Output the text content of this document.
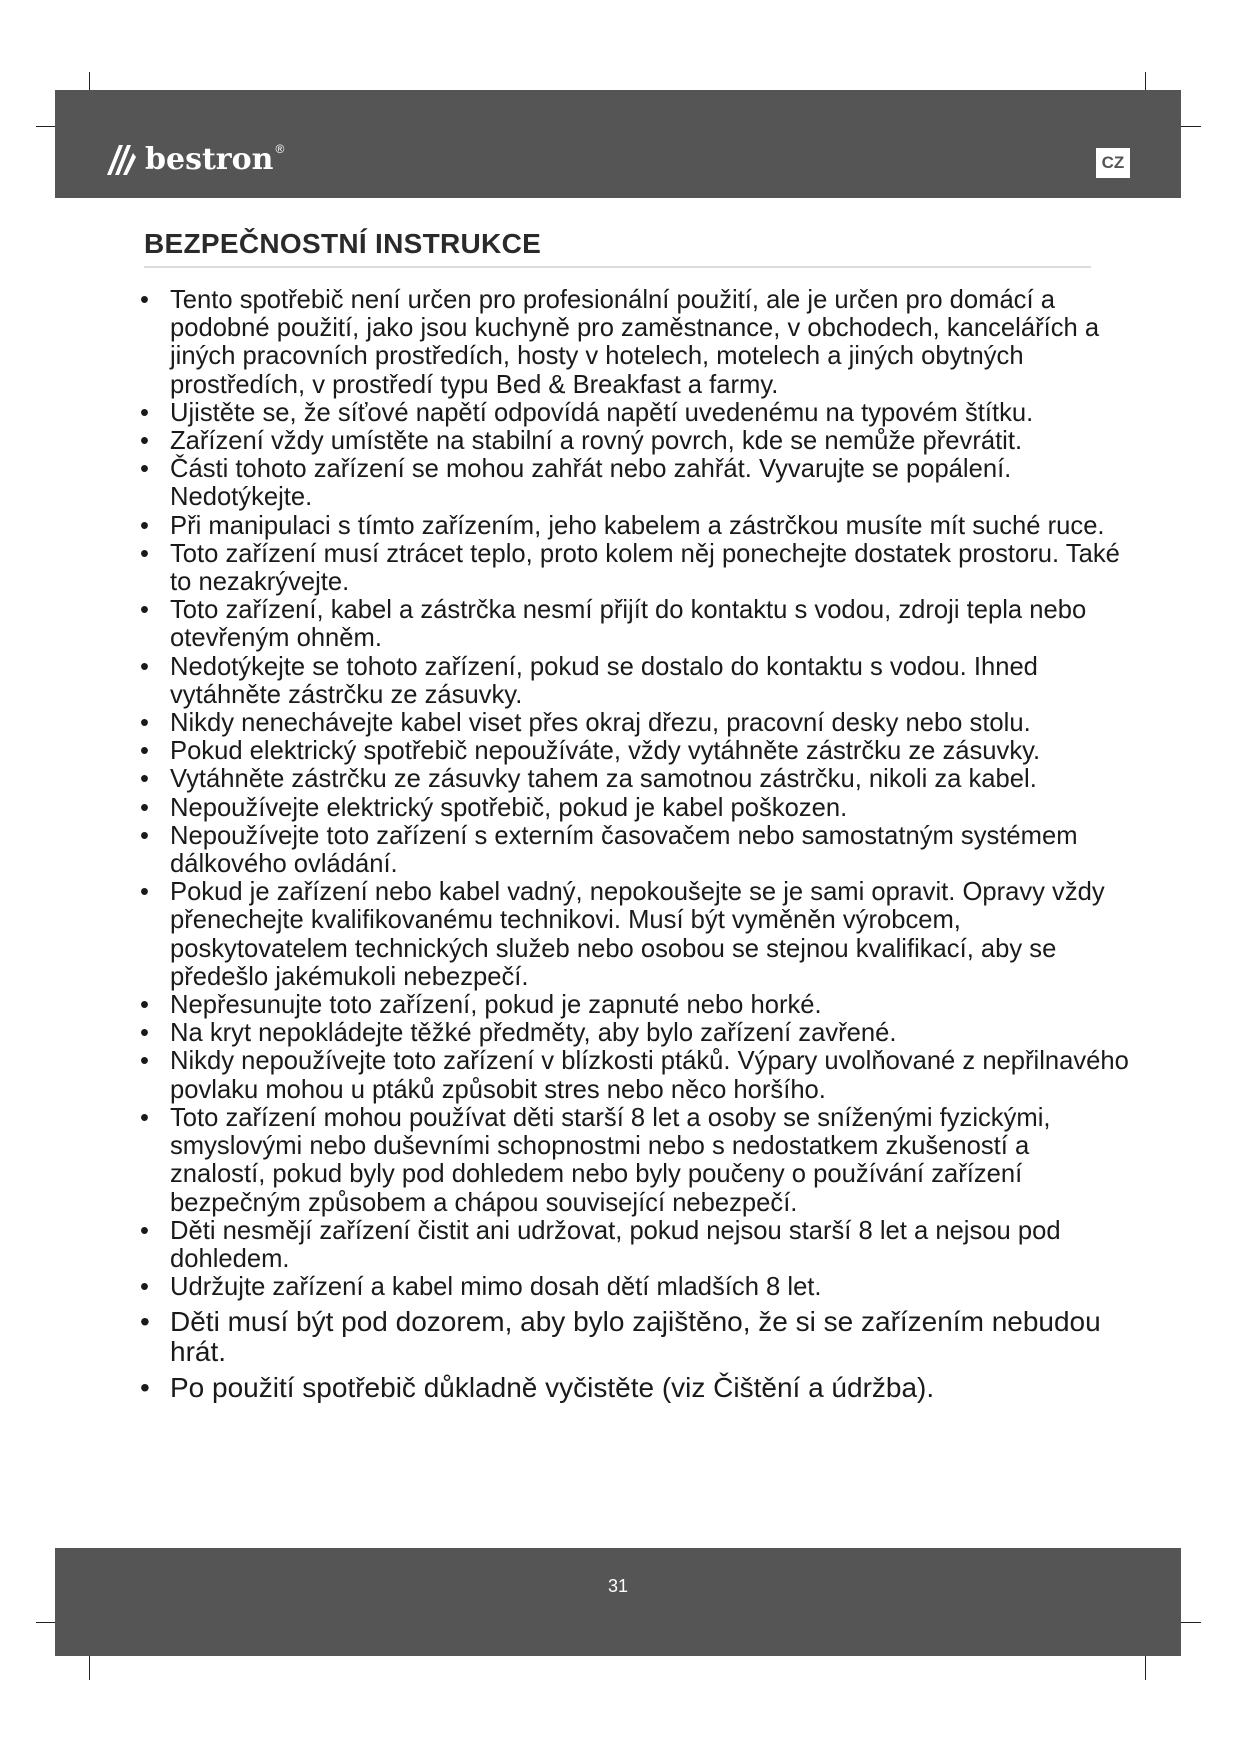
bestron ®
CZ
BEZPEČNOSTNÍ INSTRUKCE
• Tento spotřebič není určen pro profesionální použití, ale je určen pro domácí a podobné použití, jako jsou kuchyně pro zaměstnance, v obchodech, kancelářích a jiných pracovních prostředích, hosty v hotelech, motelech a jiných obytných prostředích, v prostředí typu Bed & Breakfast a farmy.
• Ujistěte se, že síťové napětí odpovídá napětí uvedenému na typovém štítku.
• Zařízení vždy umístěte na stabilní a rovný povrch, kde se nemůže převrátit.
• Části tohoto zařízení se mohou zahřát nebo zahřát. Vyvarujte se popálení. Nedotýkejte.
• Při manipulaci s tímto zařízením, jeho kabelem a zástrčkou musíte mít suché ruce.
• Toto zařízení musí ztrácet teplo, proto kolem něj ponechejte dostatek prostoru. Také to nezakrývejte.
• Toto zařízení, kabel a zástrčka nesmí přijít do kontaktu s vodou, zdroji tepla nebo otevřeným ohněm.
• Nedotýkejte se tohoto zařízení, pokud se dostalo do kontaktu s vodou. Ihned vytáhněte zástrčku ze zásuvky.
• Nikdy nenechávejte kabel viset přes okraj dřezu, pracovní desky nebo stolu.
• Pokud elektrický spotřebič nepoužíváte, vždy vytáhněte zástrčku ze zásuvky.
• Vytáhněte zástrčku ze zásuvky tahem za samotnou zástrčku, nikoli za kabel.
• Nepoužívejte elektrický spotřebič, pokud je kabel poškozen.
• Nepoužívejte toto zařízení s externím časovačem nebo samostatným systémem dálkového ovládání.
• Pokud je zařízení nebo kabel vadný, nepokoušejte se je sami opravit. Opravy vždy přenechejte kvalifikovanému technikovi. Musí být vyměněn výrobcem, poskytovatelem technických služeb nebo osobou se stejnou kvalifikací, aby se předešlo jakémukoli nebezpečí.
• Nepřesunujte toto zařízení, pokud je zapnuté nebo horké.
• Na kryt nepokládejte těžké předměty, aby bylo zařízení zavřené.
• Nikdy nepoužívejte toto zařízení v blízkosti ptáků. Výpary uvolňované z nepřilnavého povlaku mohou u ptáků způsobit stres nebo něco horšího.
• Toto zařízení mohou používat děti starší 8 let a osoby se sníženými fyzickými, smyslovými nebo duševními schopnostmi nebo s nedostatkem zkušeností a znalostí, pokud byly pod dohledem nebo byly poučeny o používání zařízení bezpečným způsobem a chápou související nebezpečí.
• Děti nesmějí zařízení čistit ani udržovat, pokud nejsou starší 8 let a nejsou pod dohledem.
• Udržujte zařízení a kabel mimo dosah dětí mladších 8 let.
• Děti musí být pod dozorem, aby bylo zajištěno, že si se zařízením nebudou hrát.
• Po použití spotřebič důkladně vyčistěte (viz Čištění a údržba).
31
